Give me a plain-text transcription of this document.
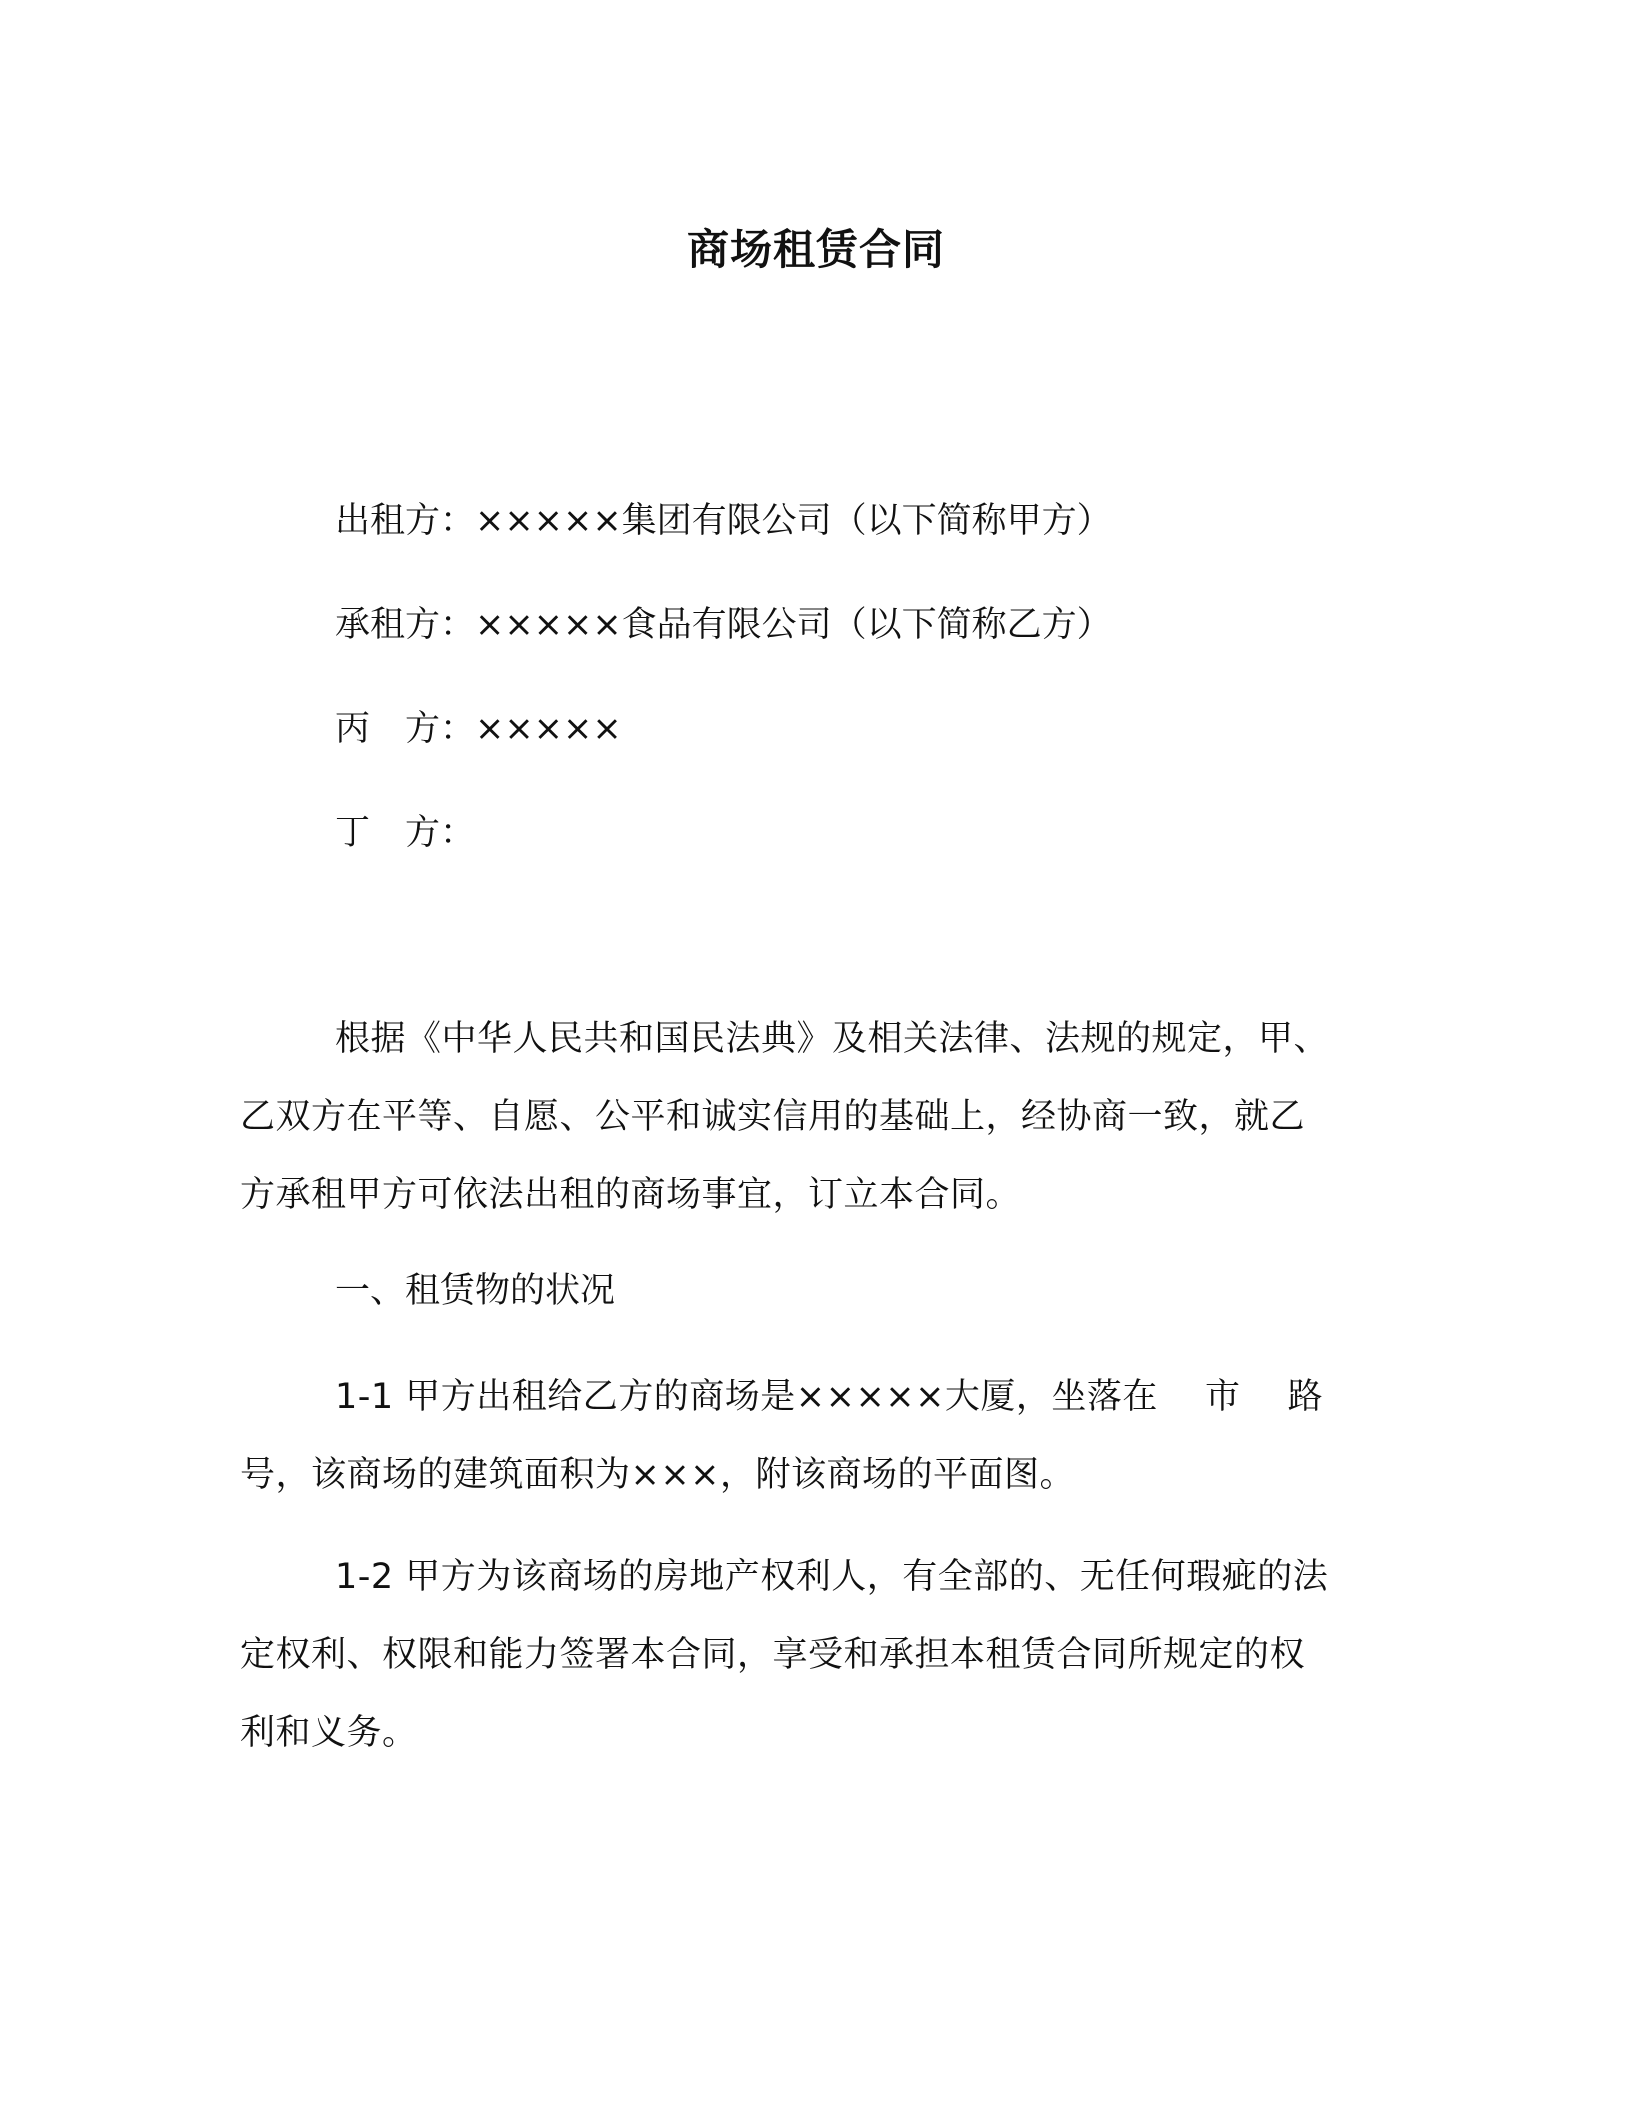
商场租赁合同
出租方：×××××集团有限公司（以下简称甲方）
承租方：×××××食品有限公司（以下简称乙方）
丙　方：×××××
丁　方：
根据《中华人民共和国民法典》及相关法律、法规的规定，甲、
乙双方在平等、自愿、公平和诚实信用的基础上，经协商一致，就乙
方承租甲方可依法出租的商场事宜，订立本合同。
一、租赁物的状况
1-1 甲方出租给乙方的商场是×××××大厦，坐落在　 市　 路
号，该商场的建筑面积为×××，附该商场的平面图。
1-2 甲方为该商场的房地产权利人，有全部的、无任何瑕疵的法
定权利、权限和能力签署本合同，享受和承担本租赁合同所规定的权
利和义务。
